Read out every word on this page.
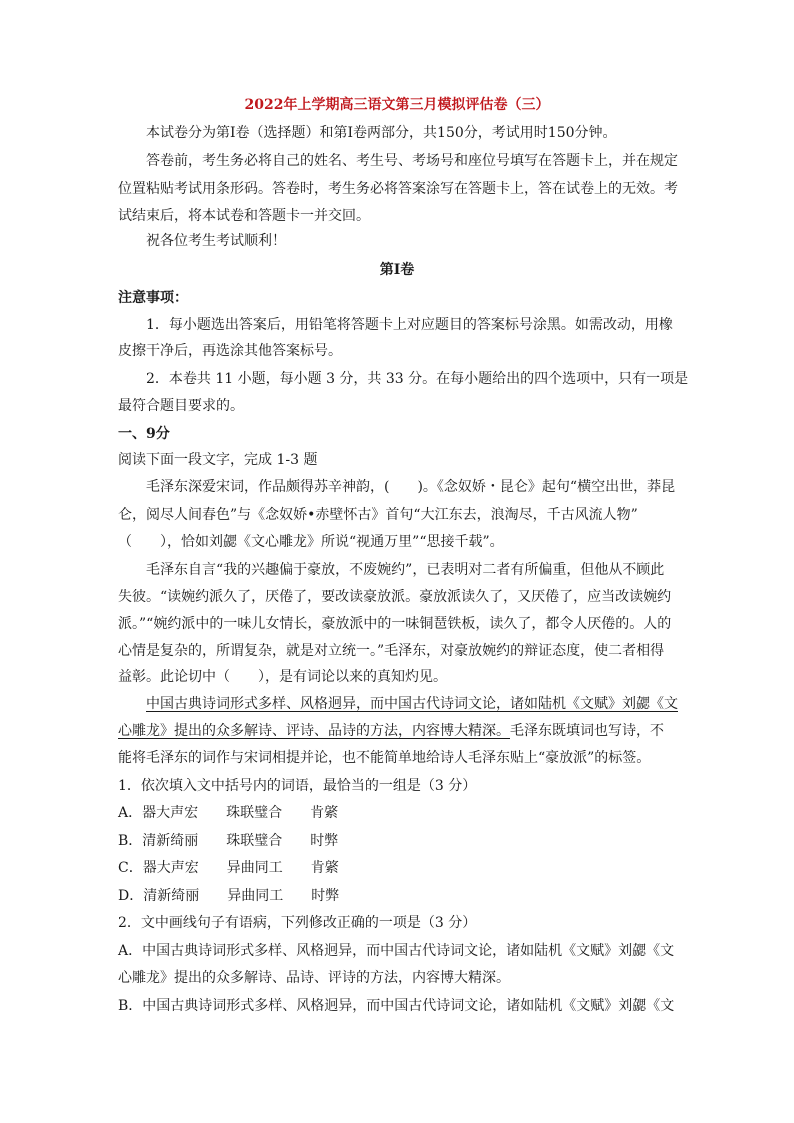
2022年上学期高三语文第三月模拟评估卷（三）
本试卷分为第Ⅰ卷（选择题）和第Ⅰ卷两部分，共150分，考试用时150分钟。
答卷前，考生务必将自己的姓名、考生号、考场号和座位号填写在答题卡上，并在规定
位置粘贴考试用条形码。答卷时，考生务必将答案涂写在答题卡上，答在试卷上的无效。考
试结束后，将本试卷和答题卡一并交回。
祝各位考生考试顺利！
第Ⅰ卷
注意事项：
1．每小题选出答案后，用铅笔将答题卡上对应题目的答案标号涂黑。如需改动，用橡
皮擦干净后，再选涂其他答案标号。
2．本卷共 11 小题，每小题 3 分，共 33 分。在每小题给出的四个选项中，只有一项是
最符合题目要求的。
一、9分
阅读下面一段文字，完成 1-3 题
毛泽东深爱宋词，作品颇得苏辛神韵，(　　)。《念奴娇・昆仑》起句“横空出世，莽昆
仑，阅尽人间春色”与《念奴娇•赤壁怀古》首句“大江东去，浪淘尽，千古风流人物”
（　　），恰如刘勰《文心雕龙》所说“视通万里”“思接千载”。
毛泽东自言“我的兴趣偏于豪放，不废婉约”，已表明对二者有所偏重，但他从不顾此
失彼。“读婉约派久了，厌倦了，要改读豪放派。豪放派读久了，又厌倦了，应当改读婉约
派。”“婉约派中的一味儿女情长，豪放派中的一味铜琶铁板，读久了，都令人厌倦的。人的
心情是复杂的，所谓复杂，就是对立统一。”毛泽东，对豪放婉约的辩证态度，使二者相得
益彰。此论切中（　　），是有词论以来的真知灼见。
中国古典诗词形式多样、风格迥异，而中国古代诗词文论，诸如陆机《文赋》刘勰《文
心雕龙》提出的众多解诗、评诗、品诗的方法，内容博大精深。毛泽东既填词也写诗，不
能将毛泽东的词作与宋词相提并论，也不能简单地给诗人毛泽东贴上“豪放派”的标签。
1．依次填入文中括号内的词语，最恰当的一组是（3 分）
A．器大声宏　　珠联璧合　　肯綮
B．清新绮丽　　珠联璧合　　时弊
C．器大声宏　　异曲同工　　肯綮
D．清新绮丽　　异曲同工　　时弊
2．文中画线句子有语病，下列修改正确的一项是（3 分）
A．中国古典诗词形式多样、风格迥异，而中国古代诗词文论，诸如陆机《文赋》刘勰《文
心雕龙》提出的众多解诗、品诗、评诗的方法，内容博大精深。
B．中国古典诗词形式多样、风格迥异，而中国古代诗词文论，诸如陆机《文赋》刘勰《文
